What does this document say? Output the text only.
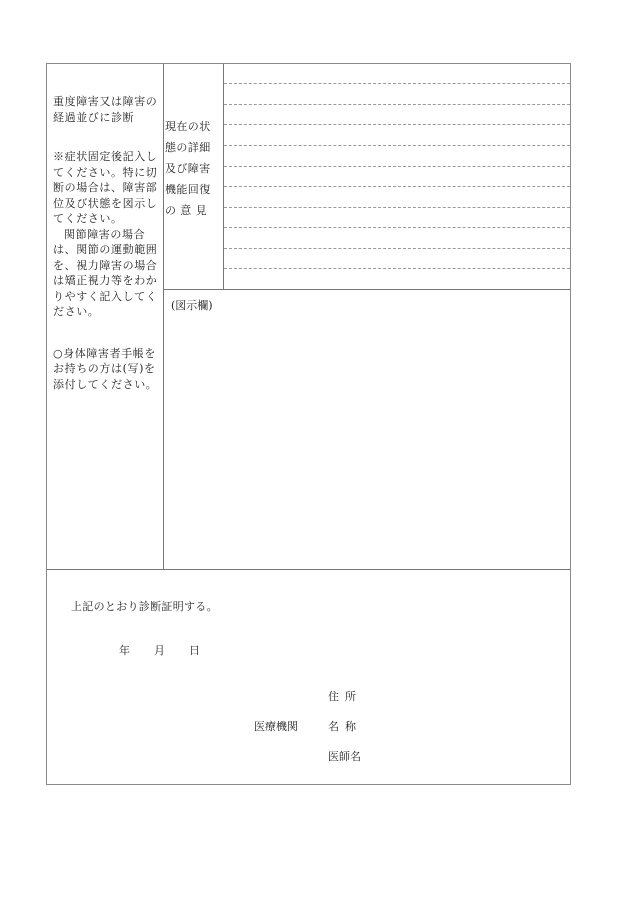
重度障害又は障害の経過並びに診断

※症状固定後記入してください。特に切断の場合は、障害部位及び状態を図示してください。

関節障害の場合は、関節の運動範囲を、視力障害の場合は矯正視力等をわかりやすく記入してください。

○身体障害者手帳をお持ちの方は(写)を添付してください。

現在の状
態の詳細
及び障害
機能回復
の 意 見
(図示欄)
上記のとおり診断証明する。
年 月 日
住所
医療機関	名称
医師名
